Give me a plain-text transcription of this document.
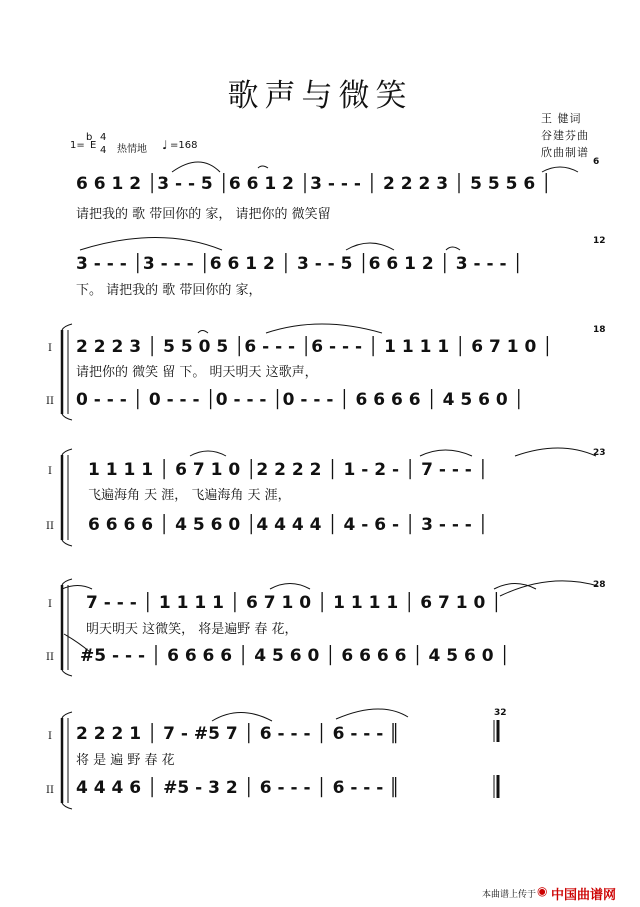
歌声与微笑
王 健词
谷建芬曲
欣曲制谱
1=
b
E
4
4 热情地 ♩ =168
6 6 1 2 │3 - - 5 │6 6 1 2 │3 - - - │ 2 2 2 3 │ 5 5 5 6 │
请把我的 歌 带回你的 家， 请把你的 微笑留
6
3 - - - │3 - - - │6 6 1 2 │ 3 - - 5 │6 6 1 2 │ 3 - - - │
下。 请把我的 歌 带回你的 家，
12
I
II
2 2 2 3 │ 5 5 0 5 │6 - - - │6 - - - │ 1 1 1 1 │ 6 7 1 0 │
请把你的 微笑 留 下。 明天明天 这歌声，
0 - - - │ 0 - - - │0 - - - │0 - - - │ 6 6 6 6 │ 4 5 6 0 │
18
I
II
1 1 1 1 │ 6 7 1 0 │2 2 2 2 │ 1 - 2 - │ 7 - - - │
飞遍海角 天 涯， 飞遍海角 天 涯，
6 6 6 6 │ 4 5 6 0 │4 4 4 4 │ 4 - 6 - │ 3 - - - │
23
I
II
7 - - - │ 1 1 1 1 │ 6 7 1 0 │ 1 1 1 1 │ 6 7 1 0 │
明天明天 这微笑， 将是遍野 春 花，
#5 - - - │ 6 6 6 6 │ 4 5 6 0 │ 6 6 6 6 │ 4 5 6 0 │
28
32
I
II
2 2 2 1 │ 7 - #5 7 │ 6 - - - │ 6 - - - ║
将 是 遍 野 春 花
4 4 4 6 │ #5 - 3 2 │ 6 - - - │ 6 - - - ║
本曲谱上传于 ◉ 中国曲谱网
